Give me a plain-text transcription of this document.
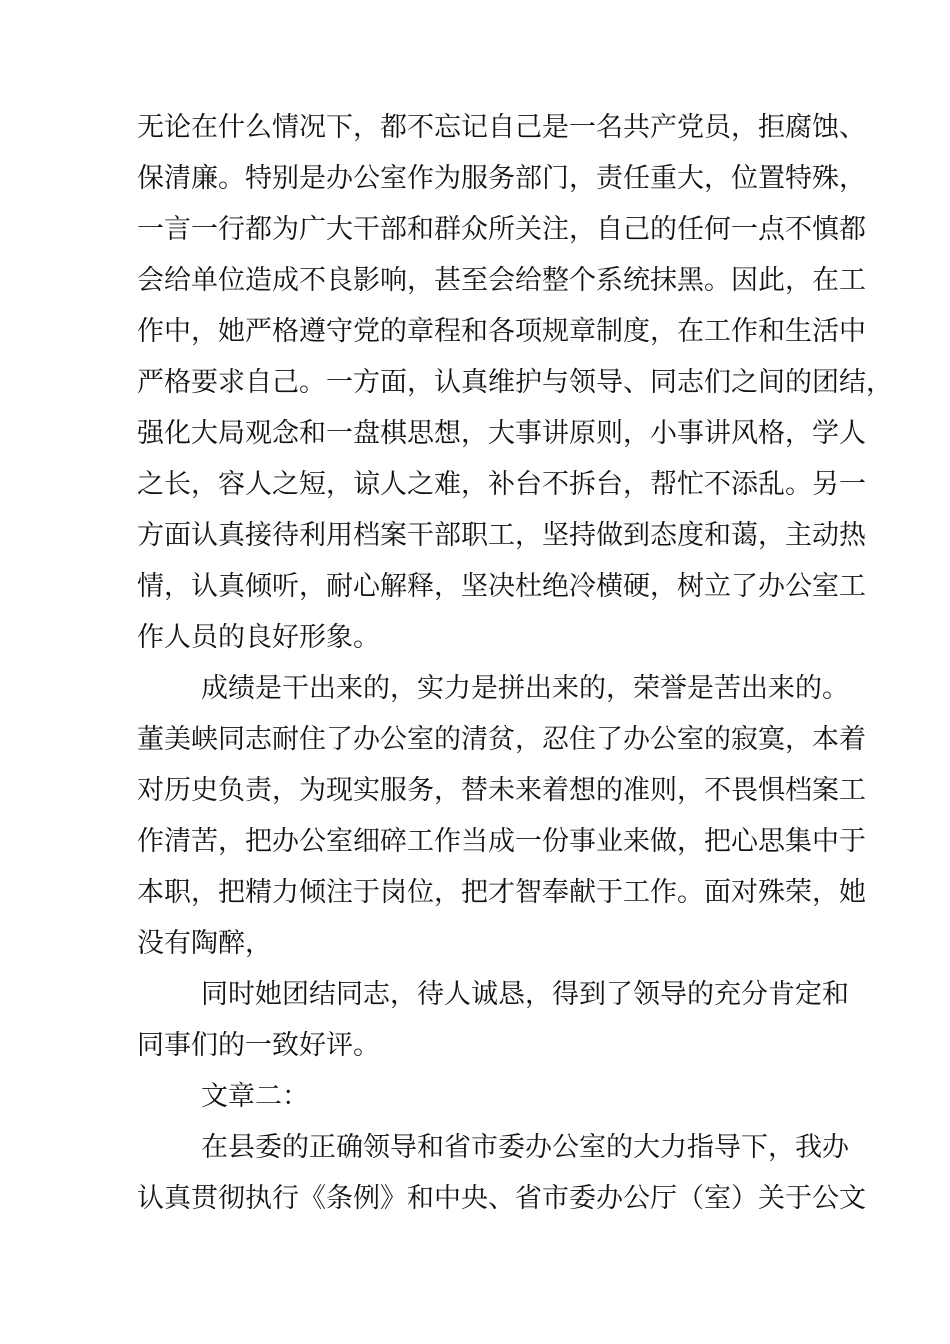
无论在什么情况下，都不忘记自己是一名共产党员，拒腐蚀、
保清廉。特别是办公室作为服务部门，责任重大，位置特殊，
一言一行都为广大干部和群众所关注，自己的任何一点不慎都
会给单位造成不良影响，甚至会给整个系统抹黑。因此，在工
作中，她严格遵守党的章程和各项规章制度，在工作和生活中
严格要求自己。一方面，认真维护与领导、同志们之间的团结，
强化大局观念和一盘棋思想，大事讲原则，小事讲风格，学人
之长，容人之短，谅人之难，补台不拆台，帮忙不添乱。另一
方面认真接待利用档案干部职工，坚持做到态度和蔼，主动热
情，认真倾听，耐心解释，坚决杜绝冷横硬，树立了办公室工
作人员的良好形象。
成绩是干出来的，实力是拼出来的，荣誉是苦出来的。
董美峡同志耐住了办公室的清贫，忍住了办公室的寂寞，本着
对历史负责，为现实服务，替未来着想的准则，不畏惧档案工
作清苦，把办公室细碎工作当成一份事业来做，把心思集中于
本职，把精力倾注于岗位，把才智奉献于工作。面对殊荣，她
没有陶醉，
同时她团结同志，待人诚恳，得到了领导的充分肯定和
同事们的一致好评。
文章二：
在县委的正确领导和省市委办公室的大力指导下，我办
认真贯彻执行《条例》和中央、省市委办公厅（室）关于公文
